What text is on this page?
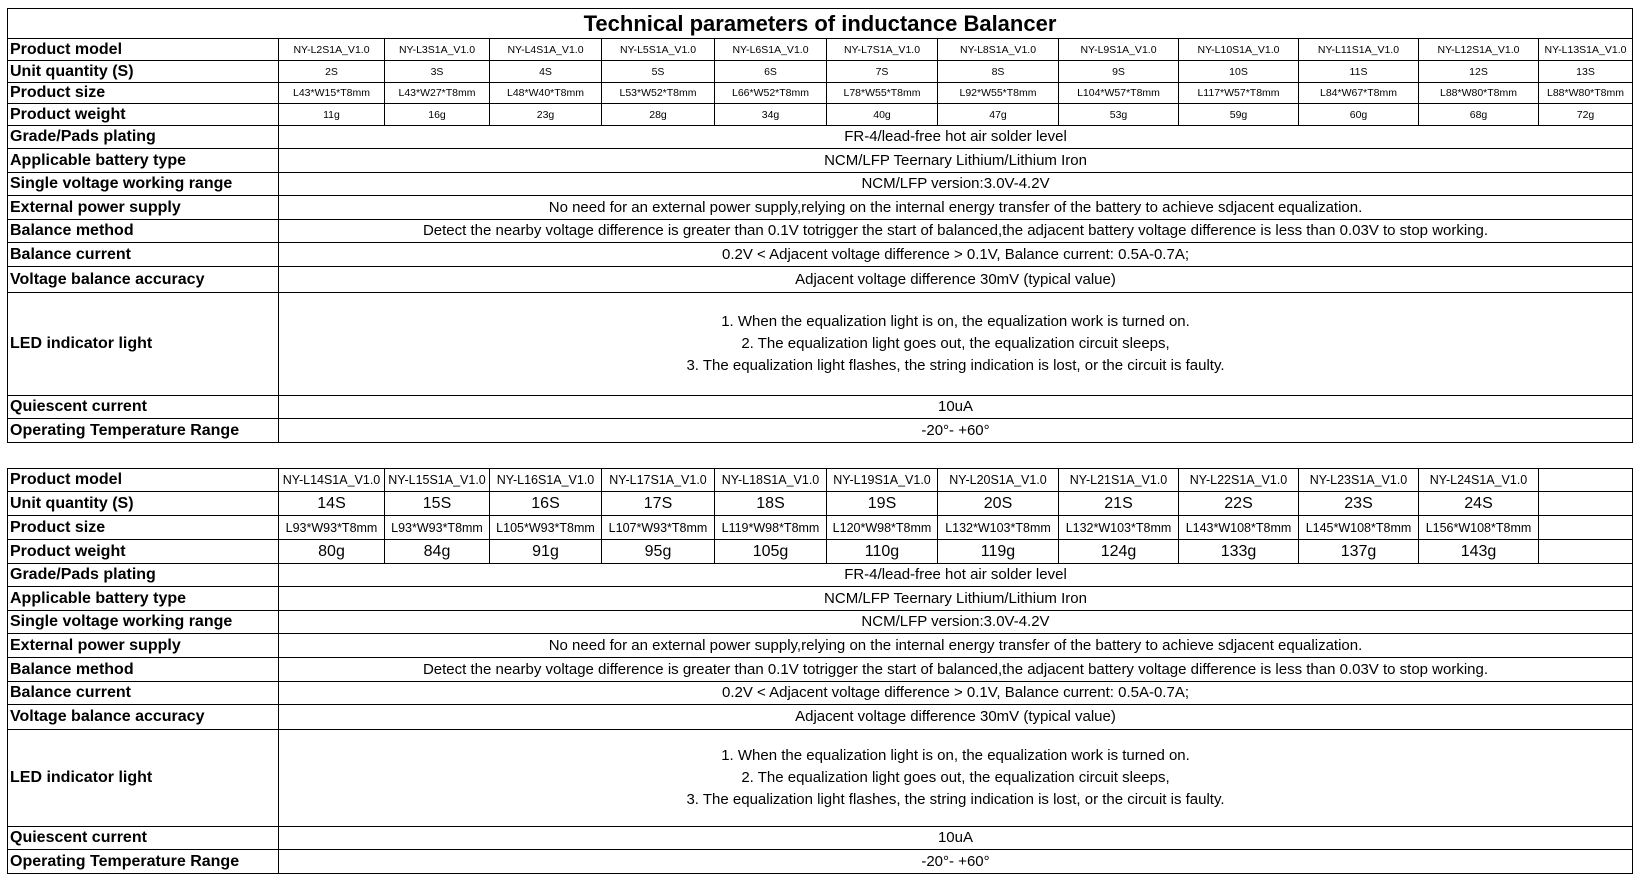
Technical parameters of inductance Balancer												
Product model	NY-L2S1A_V1.0	NY-L3S1A_V1.0	NY-L4S1A_V1.0	NY-L5S1A_V1.0	NY-L6S1A_V1.0	NY-L7S1A_V1.0	NY-L8S1A_V1.0	NY-L9S1A_V1.0	NY-L10S1A_V1.0	NY-L11S1A_V1.0	NY-L12S1A_V1.0	NY-L13S1A_V1.0
Unit quantity (S)	2S	3S	4S	5S	6S	7S	8S	9S	10S	11S	12S	13S
Product size	L43*W15*T8mm	L43*W27*T8mm	L48*W40*T8mm	L53*W52*T8mm	L66*W52*T8mm	L78*W55*T8mm	L92*W55*T8mm	L104*W57*T8mm	L117*W57*T8mm	L84*W67*T8mm	L88*W80*T8mm	L88*W80*T8mm
Product weight	11g	16g	23g	28g	34g	40g	47g	53g	59g	60g	68g	72g
Grade/Pads plating	FR-4/lead-free hot air solder level											
Applicable battery type	NCM/LFP Teernary Lithium/Lithium Iron											
Single voltage working range	NCM/LFP version:3.0V-4.2V											
External power supply	No need for an external power supply,relying on the internal energy transfer of the battery to achieve sdjacent equalization.											
Balance method	Detect the nearby voltage difference is greater than 0.1V totrigger the start of balanced,the adjacent battery voltage difference is less than 0.03V to stop working.											
Balance current	0.2V < Adjacent voltage difference > 0.1V, Balance current: 0.5A-0.7A;											
Voltage balance accuracy	Adjacent voltage difference 30mV (typical value)											
LED indicator light	1. When the equalization light is on, the equalization work is turned on.
2. The equalization light goes out, the equalization circuit sleeps,
3. The equalization light flashes, the string indication is lost, or the circuit is faulty.											

Quiescent current	10uA											
Operating Temperature Range	-20°- +60°											
Product model	NY-L14S1A_V1.0	NY-L15S1A_V1.0	NY-L16S1A_V1.0	NY-L17S1A_V1.0	NY-L18S1A_V1.0	NY-L19S1A_V1.0	NY-L20S1A_V1.0	NY-L21S1A_V1.0	NY-L22S1A_V1.0	NY-L23S1A_V1.0	NY-L24S1A_V1.0	
Unit quantity (S)	14S	15S	16S	17S	18S	19S	20S	21S	22S	23S	24S	
Product size	L93*W93*T8mm	L93*W93*T8mm	L105*W93*T8mm	L107*W93*T8mm	L119*W98*T8mm	L120*W98*T8mm	L132*W103*T8mm	L132*W103*T8mm	L143*W108*T8mm	L145*W108*T8mm	L156*W108*T8mm	
Product weight	80g	84g	91g	95g	105g	110g	119g	124g	133g	137g	143g	
Grade/Pads plating	FR-4/lead-free hot air solder level											
Applicable battery type	NCM/LFP Teernary Lithium/Lithium Iron											
Single voltage working range	NCM/LFP version:3.0V-4.2V											
External power supply	No need for an external power supply,relying on the internal energy transfer of the battery to achieve sdjacent equalization.											
Balance method	Detect the nearby voltage difference is greater than 0.1V totrigger the start of balanced,the adjacent battery voltage difference is less than 0.03V to stop working.											
Balance current	0.2V < Adjacent voltage difference > 0.1V, Balance current: 0.5A-0.7A;											
Voltage balance accuracy	Adjacent voltage difference 30mV (typical value)											
LED indicator light	1. When the equalization light is on, the equalization work is turned on.
2. The equalization light goes out, the equalization circuit sleeps,
3. The equalization light flashes, the string indication is lost, or the circuit is faulty.											

Quiescent current	10uA											
Operating Temperature Range	-20°- +60°											
